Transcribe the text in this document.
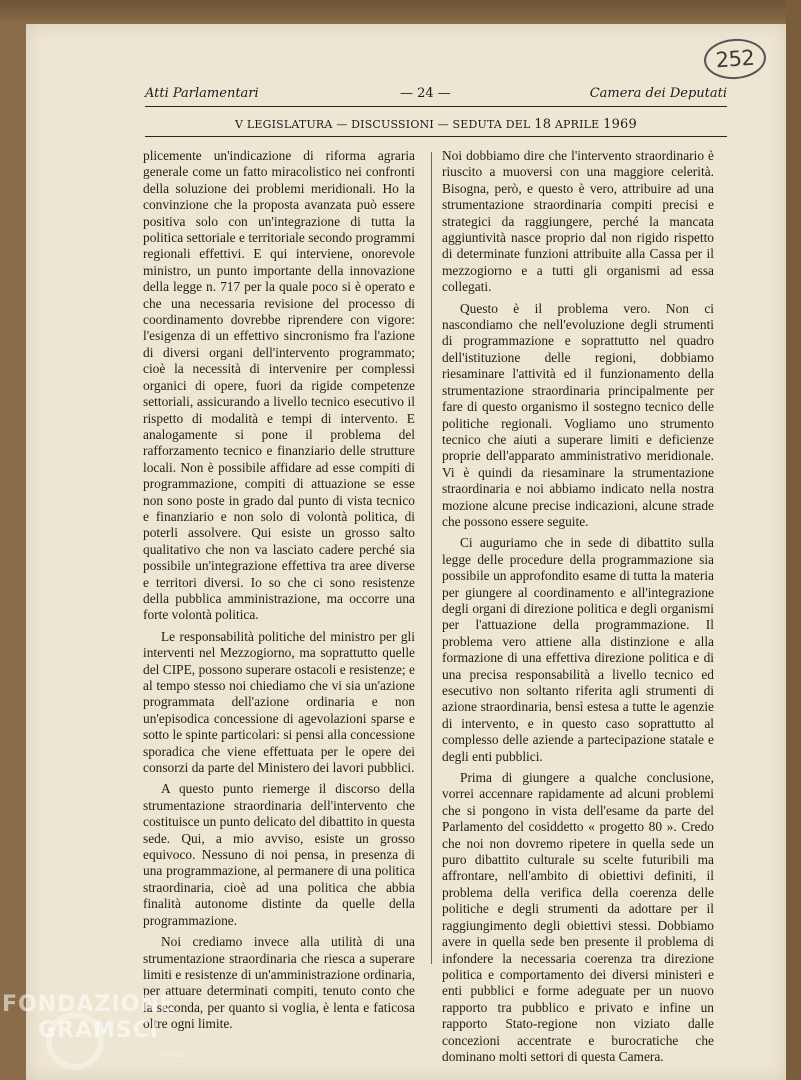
252
Atti Parlamentari	— 24 —	Camera dei Deputati
V LEGISLATURA — DISCUSSIONI — SEDUTA DEL 18 APRILE 1969

plicemente un'indicazione di riforma agraria generale come un fatto miracolistico nei confronti della soluzione dei problemi meridionali. Ho la convinzione che la proposta avanzata può essere positiva solo con un'integrazione di tutta la politica settoriale e territoriale secondo programmi regionali effettivi. E qui interviene, onorevole ministro, un punto importante della innovazione della legge n. 717 per la quale poco si è operato e che una necessaria revisione del processo di coordinamento dovrebbe riprendere con vigore: l'esigenza di un effettivo sincronismo fra l'azione di diversi organi dell'intervento programmato; cioè la necessità di intervenire per complessi organici di opere, fuori da rigide competenze settoriali, assicurando a livello tecnico esecutivo il rispetto di modalità e tempi di intervento. E analogamente si pone il problema del rafforzamento tecnico e finanziario delle strutture locali. Non è possibile affidare ad esse compiti di programmazione, compiti di attuazione se esse non sono poste in grado dal punto di vista tecnico e finanziario e non solo di volontà politica, di poterli assolvere. Qui esiste un grosso salto qualitativo che non va lasciato cadere perché sia possibile un'integrazione effettiva tra aree diverse e territori diversi. Io so che ci sono resistenze della pubblica amministrazione, ma occorre una forte volontà politica.

Le responsabilità politiche del ministro per gli interventi nel Mezzogiorno, ma soprattutto quelle del CIPE, possono superare ostacoli e resistenze; e al tempo stesso noi chiediamo che vi sia un'azione programmata dell'azione ordinaria e non un'episodica concessione di agevolazioni sparse e sotto le spinte particolari: si pensi alla concessione sporadica che viene effettuata per le opere dei consorzi da parte del Ministero dei lavori pubblici.

A questo punto riemerge il discorso della strumentazione straordinaria dell'intervento che costituisce un punto delicato del dibattito in questa sede. Qui, a mio avviso, esiste un grosso equivoco. Nessuno di noi pensa, in presenza di una programmazione, al permanere di una politica straordinaria, cioè ad una politica che abbia finalità autonome distinte da quelle della programmazione.

Noi crediamo invece alla utilità di una strumentazione straordinaria che riesca a superare limiti e resistenze di un'amministrazione ordinaria, per attuare determinati compiti, tenuto conto che la seconda, per quanto si voglia, è lenta e faticosa oltre ogni limite.

Noi dobbiamo dire che l'intervento straordinario è riuscito a muoversi con una maggiore celerità. Bisogna, però, e questo è vero, attribuire ad una strumentazione straordinaria compiti precisi e strategici da raggiungere, perché la mancata aggiuntività nasce proprio dal non rigido rispetto di determinate funzioni attribuite alla Cassa per il mezzogiorno e a tutti gli organismi ad essa collegati.

Questo è il problema vero. Non ci nascondiamo che nell'evoluzione degli strumenti di programmazione e soprattutto nel quadro dell'istituzione delle regioni, dobbiamo riesaminare l'attività ed il funzionamento della strumentazione straordinaria principalmente per fare di questo organismo il sostegno tecnico delle politiche regionali. Vogliamo uno strumento tecnico che aiuti a superare limiti e deficienze proprie dell'apparato amministrativo meridionale. Vi è quindi da riesaminare la strumentazione straordinaria e noi abbiamo indicato nella nostra mozione alcune precise indicazioni, alcune strade che possono essere seguite.

Ci auguriamo che in sede di dibattito sulla legge delle procedure della programmazione sia possibile un approfondito esame di tutta la materia per giungere al coordinamento e all'integrazione degli organi di direzione politica e degli organismi per l'attuazione della programmazione. Il problema vero attiene alla distinzione e alla formazione di una effettiva direzione politica e di una precisa responsabilità a livello tecnico ed esecutivo non soltanto riferita agli strumenti di azione straordinaria, bensì estesa a tutte le agenzie di intervento, e in questo caso soprattutto al complesso delle aziende a partecipazione statale e degli enti pubblici.

Prima di giungere a qualche conclusione, vorrei accennare rapidamente ad alcuni problemi che si pongono in vista dell'esame da parte del Parlamento del cosiddetto « progetto 80 ». Credo che noi non dovremo ripetere in quella sede un puro dibattito culturale su scelte futuribili ma affrontare, nell'ambito di obiettivi definiti, il problema della verifica della coerenza delle politiche e degli strumenti da adottare per il raggiungimento degli obiettivi stessi. Dobbiamo avere in quella sede ben presente il problema di infondere la necessaria coerenza tra direzione politica e comportamento dei diversi ministeri e enti pubblici e forme adeguate per un nuovo rapporto tra pubblico e privato e infine un rapporto Stato-regione non viziato dalle concezioni accentrate e burocratiche che dominano molti settori di questa Camera.

FONDAZIONE
GRAMSCI
onlus
